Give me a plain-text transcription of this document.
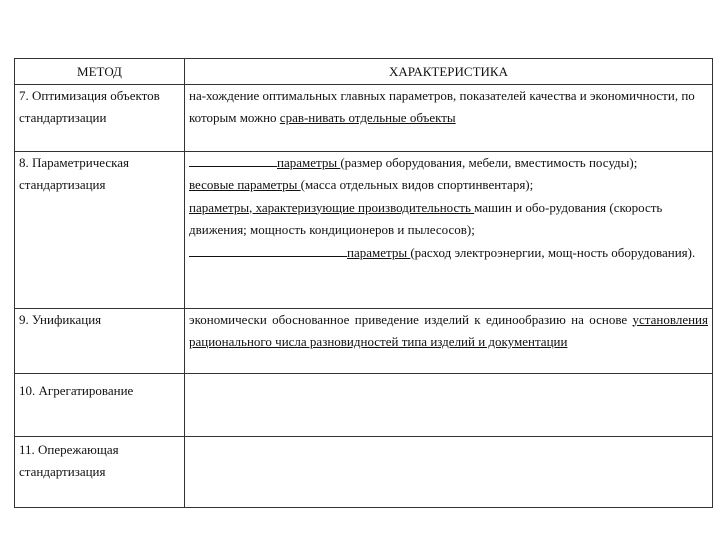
МЕТОД	ХАРАКТЕРИСТИКА
7. Оптимизация объектов стандартизации	на-хождение оптимальных главных параметров, показателей качества и экономичности, по которым можно срав-нивать отдельные объекты
8. Параметрическая стандартизация	параметры (размер оборудования, мебели, вместимость посуды);
весовые параметры (масса отдельных видов спортинвентаря);
параметры, характеризующие производительность машин и обо-рудования (скорость движения; мощность кондиционеров и пылесосов);
параметры (расход электроэнергии, мощ-ность оборудования).
9. Унификация	экономически обоснованное приведение изделий к единообразию на основе установления рационального числа разновидностей типа изделий и документации

10. Агрегатирование	

11. Опережающая стандартизация	
